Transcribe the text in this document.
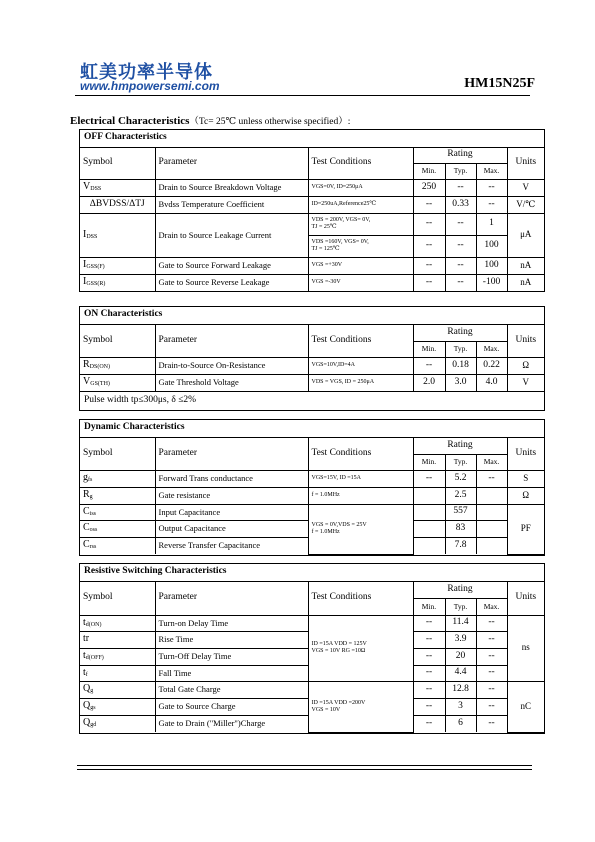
虹美功率半导体
www.hmpowersemi.com	HM15N25F
Electrical Characteristics（Tc= 25℃ unless otherwise specified）:
OFF Characteristics						
Symbol	Parameter	Test Conditions	Rating			Units
			Min.	Typ.	Max.	
$V_{DSS}$	Drain to Source Breakdown Voltage	VGS=0V, ID=250μA	250	--	--	V
ΔBVDSS/ΔTJ	Bvdss Temperature Coefficient	ID=250uA,Reference25℃	--	0.33	--	V/℃
$I_{DSS}$	Drain to Source Leakage Current	VDS = 200V, VGS= 0V,
TJ = 25℃	--	--	1	μA

		VDS =160V, VGS= 0V,
TJ = 125℃	--	--	100	
$I_{GSS(F)}$	Gate to Source Forward Leakage	VGS =+30V	--	--	100	nA
$I_{GSS(R)}$	Gate to Source Reverse Leakage	VGS =-30V	--	--	-100	nA
ON Characteristics						
Symbol	Parameter	Test Conditions	Rating			Units
			Min.	Typ.	Max.	
$R_{DS(ON)}$	Drain-to-Source On-Resistance	VGS=10V,ID=4A	--	0.18	0.22	Ω
$V_{GS(TH)}$	Gate Threshold Voltage	VDS = VGS, ID = 250μA	2.0	3.0	4.0	V
Pulse width tp≤300μs, δ ≤2%						
Dynamic Characteristics						
Symbol	Parameter	Test Conditions	Rating			Units
			Min.	Typ.	Max.	
$g_{fs}$	Forward Trans conductance	VGS=15V, ID =15A	--	5.2	--	S
$R_g$	Gate resistance	f = 1.0MHz		2.5		Ω
$C_{iss}$	Input Capacitance	VGS = 0V,VDS = 25V
f = 1.0MHz		557		PF
$C_{oss}$	Output Capacitance			83		
$C_{rss}$	Reverse Transfer Capacitance			7.8		
Resistive Switching Characteristics						
Symbol	Parameter	Test Conditions	Rating			Units
			Min.	Typ.	Max.	
$t_{d(ON)}$	Turn-on Delay Time	ID =15A VDD = 125V
VGS = 10V RG =10Ω	--	11.4	--	ns
tr	Rise Time		--	3.9	--	
$t_{d(OFF)}$	Turn-Off Delay Time		--	20	--	
$t_f$	Fall Time		--	4.4	--	
$Q_g$	Total Gate Charge	ID =15A VDD =200V
VGS = 10V	--	12.8	--	nC
$Q_{gs}$	Gate to Source Charge		--	3	--	
$Q_{gd}$	Gate to Drain ("Miller")Charge		--	6	--	
